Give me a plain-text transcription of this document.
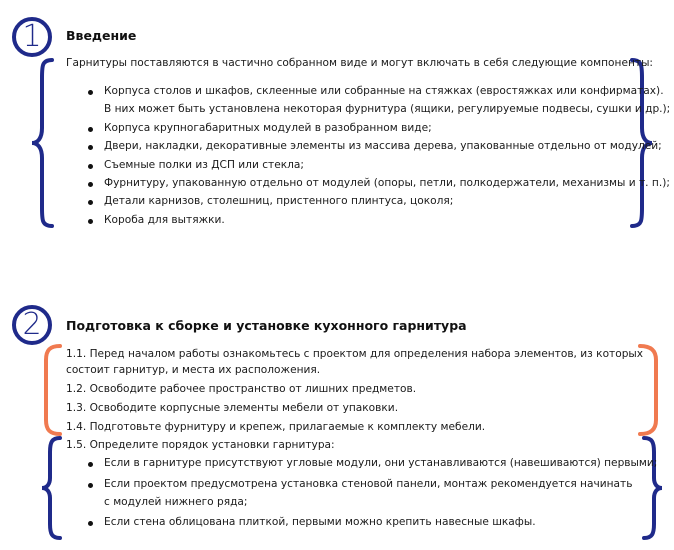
1 Введение
Гарнитуры поставляются в частично собранном виде и могут включать в себя следующие компоненты:
Корпуса столов и шкафов, склеенные или собранные на стяжках (евростяжках или конфирматах).
В них может быть установлена некоторая фурнитура (ящики, регулируемые подвесы, сушки и др.);
Корпуса крупногабаритных модулей в разобранном виде;
Двери, накладки, декоративные элементы из массива дерева, упакованные отдельно от модулей;
Съемные полки из ДСП или стекла;
Фурнитуру, упакованную отдельно от модулей (опоры, петли, полкодержатели, механизмы и т. п.);
Детали карнизов, столешниц, пристенного плинтуса, цоколя;
Короба для вытяжки.
2 Подготовка к сборке и установке кухонного гарнитура
1.1. Перед началом работы ознакомьтесь с проектом для определения набора элементов, из которых
состоит гарнитур, и места их расположения.
1.2. Освободите рабочее пространство от лишних предметов.
1.3. Освободите корпусные элементы мебели от упаковки.
1.4. Подготовьте фурнитуру и крепеж, прилагаемые к комплекту мебели.
1.5. Определите порядок установки гарнитура:
Если в гарнитуре присутствуют угловые модули, они устанавливаются (навешиваются) первыми;
Если проектом предусмотрена установка стеновой панели, монтаж рекомендуется начинать
с модулей нижнего ряда;
Если стена облицована плиткой, первыми можно крепить навесные шкафы.
